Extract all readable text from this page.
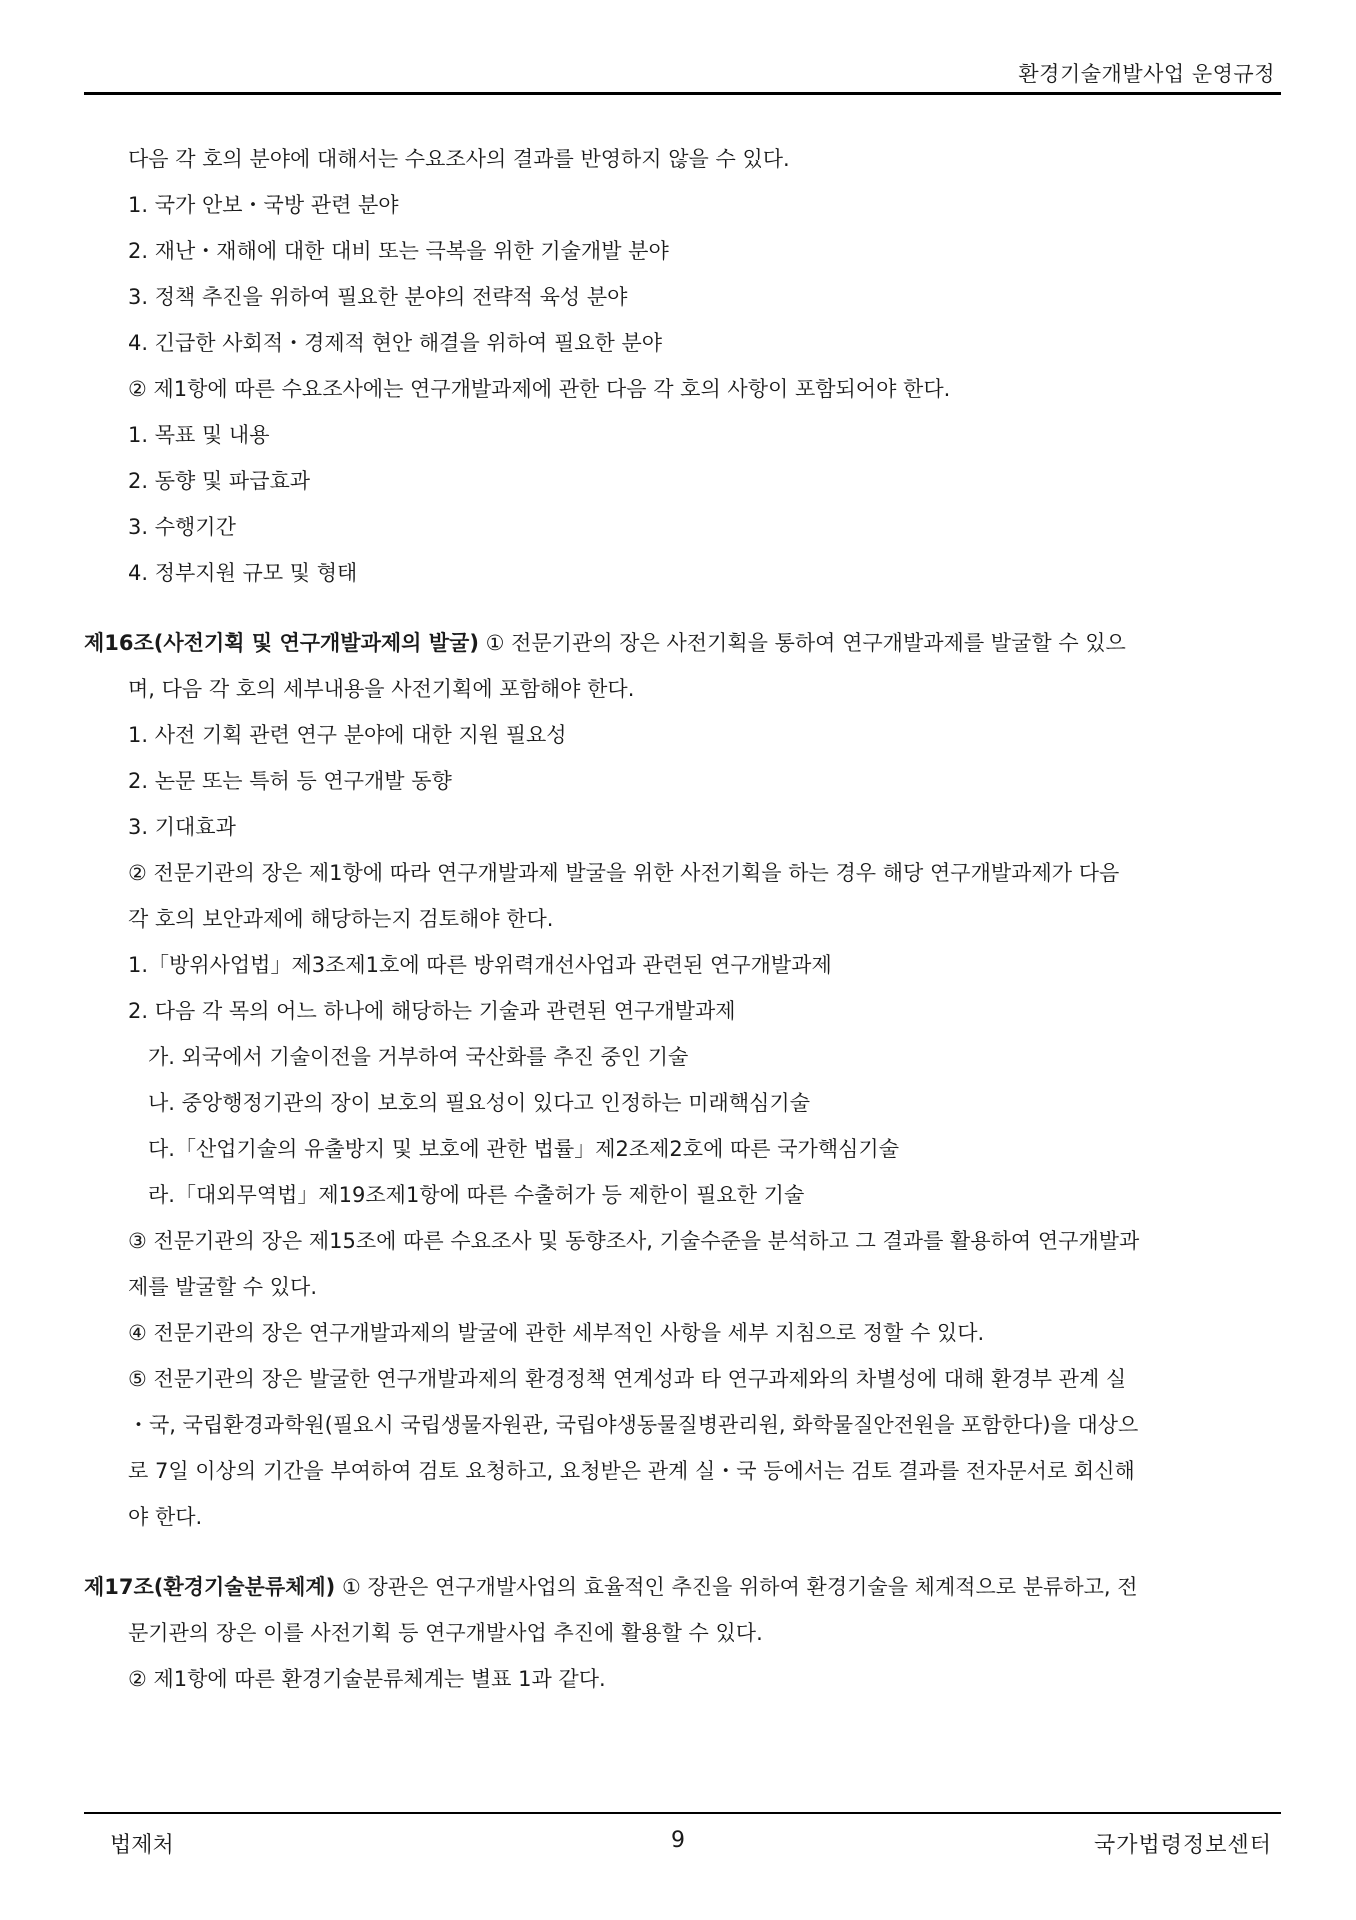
환경기술개발사업 운영규정
다음 각 호의 분야에 대해서는 수요조사의 결과를 반영하지 않을 수 있다.
1. 국가 안보・국방 관련 분야
2. 재난・재해에 대한 대비 또는 극복을 위한 기술개발 분야
3. 정책 추진을 위하여 필요한 분야의 전략적 육성 분야
4. 긴급한 사회적・경제적 현안 해결을 위하여 필요한 분야
② 제1항에 따른 수요조사에는 연구개발과제에 관한 다음 각 호의 사항이 포함되어야 한다.
1. 목표 및 내용
2. 동향 및 파급효과
3. 수행기간
4. 정부지원 규모 및 형태
제16조(사전기획 및 연구개발과제의 발굴) ① 전문기관의 장은 사전기획을 통하여 연구개발과제를 발굴할 수 있으
며, 다음 각 호의 세부내용을 사전기획에 포함해야 한다.
1. 사전 기획 관련 연구 분야에 대한 지원 필요성
2. 논문 또는 특허 등 연구개발 동향
3. 기대효과
② 전문기관의 장은 제1항에 따라 연구개발과제 발굴을 위한 사전기획을 하는 경우 해당 연구개발과제가 다음
각 호의 보안과제에 해당하는지 검토해야 한다.
1.「방위사업법」제3조제1호에 따른 방위력개선사업과 관련된 연구개발과제
2. 다음 각 목의 어느 하나에 해당하는 기술과 관련된 연구개발과제
가. 외국에서 기술이전을 거부하여 국산화를 추진 중인 기술
나. 중앙행정기관의 장이 보호의 필요성이 있다고 인정하는 미래핵심기술
다.「산업기술의 유출방지 및 보호에 관한 법률」제2조제2호에 따른 국가핵심기술
라.「대외무역법」제19조제1항에 따른 수출허가 등 제한이 필요한 기술
③ 전문기관의 장은 제15조에 따른 수요조사 및 동향조사, 기술수준을 분석하고 그 결과를 활용하여 연구개발과
제를 발굴할 수 있다.
④ 전문기관의 장은 연구개발과제의 발굴에 관한 세부적인 사항을 세부 지침으로 정할 수 있다.
⑤ 전문기관의 장은 발굴한 연구개발과제의 환경정책 연계성과 타 연구과제와의 차별성에 대해 환경부 관계 실
・국, 국립환경과학원(필요시 국립생물자원관, 국립야생동물질병관리원, 화학물질안전원을 포함한다)을 대상으
로 7일 이상의 기간을 부여하여 검토 요청하고, 요청받은 관계 실・국 등에서는 검토 결과를 전자문서로 회신해
야 한다.
제17조(환경기술분류체계) ① 장관은 연구개발사업의 효율적인 추진을 위하여 환경기술을 체계적으로 분류하고, 전
문기관의 장은 이를 사전기획 등 연구개발사업 추진에 활용할 수 있다.
② 제1항에 따른 환경기술분류체계는 별표 1과 같다.
법제처	9	국가법령정보센터
